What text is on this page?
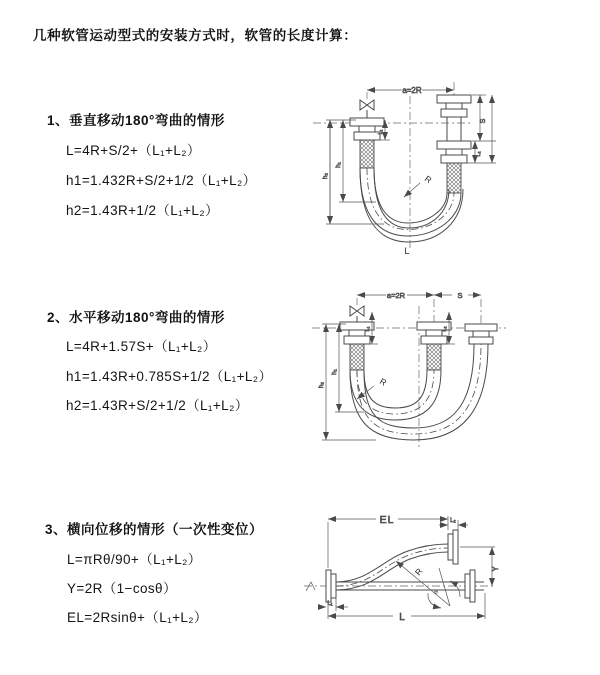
几种软管运动型式的安装方式时，软管的长度计算：
1、垂直移动180°弯曲的情形
L=4R+S/2+（L₁+L₂）
h1=1.432R+S/2+1/2（L₁+L₂）
h2=1.43R+1/2（L₁+L₂）
2、水平移动180°弯曲的情形
L=4R+1.57S+（L₁+L₂）
h1=1.43R+0.785S+1/2（L₁+L₂）
h2=1.43R+S/2+1/2（L₁+L₂）
3、横向位移的情形（一次性变位）
L=πRθ/90+（L₁+L₂）
Y=2R（1−cosθ）
EL=2Rsinθ+（L₁+L₂）
a=2R
R
h₂
h₁
L₁
S
L₂
L
a=2R	S
R
h₂
h₁
L₁	L₂
EL	L₂
Y
R
θ
L
L₁
